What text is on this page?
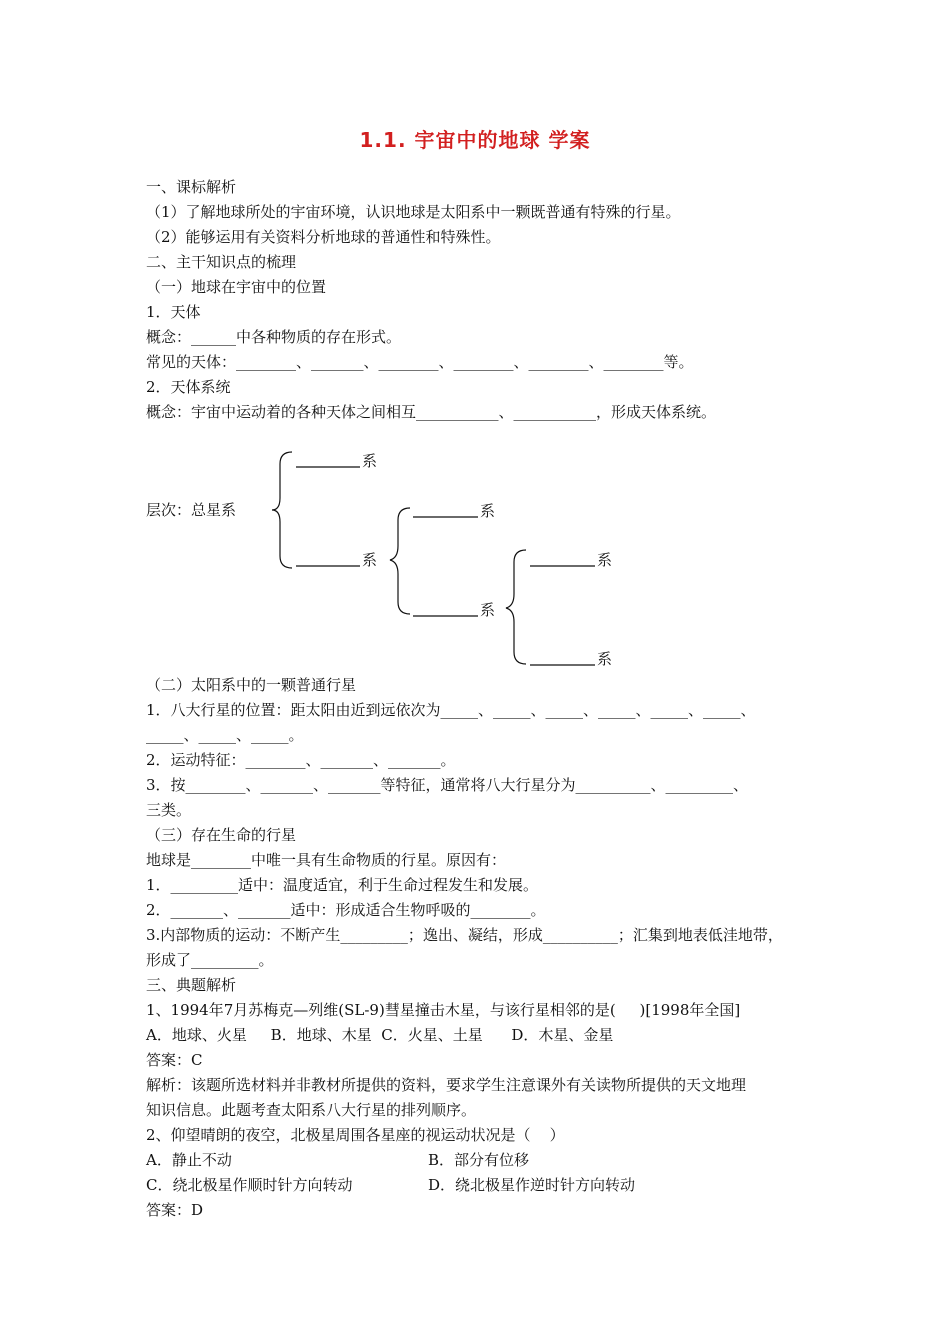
1.1. 宇宙中的地球 学案
一、课标解析
（1）了解地球所处的宇宙环境，认识地球是太阳系中一颗既普通有特殊的行星。
（2）能够运用有关资料分析地球的普通性和特殊性。
二、主干知识点的梳理
（一）地球在宇宙中的位置
1．天体
概念：______中各种物质的存在形式。
常见的天体：________、_______、________、________、________、________等。
2．天体系统
概念：宇宙中运动着的各种天体之间相互___________、___________，形成天体系统。
层次：总星系
系
系
系
系
系
系
（二）太阳系中的一颗普通行星
1．八大行星的位置：距太阳由近到远依次为_____、_____、_____、_____、_____、_____、
_____、_____、_____。
2．运动特征：________、_______、_______。
3．按________、_______、_______等特征，通常将八大行星分为__________、_________、
三类。
（三）存在生命的行星
地球是________中唯一具有生命物质的行星。原因有：
1．_________适中：温度适宜，利于生命过程发生和发展。
2．_______、_______适中：形成适合生物呼吸的________。
3.内部物质的运动：不断产生_________；逸出、凝结，形成__________；汇集到地表低洼地带，
形成了_________。
三、典题解析
1、1994年7月苏梅克—列维(SL-9)彗星撞击木星，与该行星相邻的是(     )[1998年全国]
A．地球、火星     B．地球、木星  C．火星、土星      D．木星、金星
答案：C
解析：该题所选材料并非教材所提供的资料，要求学生注意课外有关读物所提供的天文地理
知识信息。此题考查太阳系八大行星的排列顺序。
2、仰望晴朗的夜空，北极星周围各星座的视运动状况是（    ）
A．静止不动	B．部分有位移
C．绕北极星作顺时针方向转动	D．绕北极星作逆时针方向转动
答案：D
